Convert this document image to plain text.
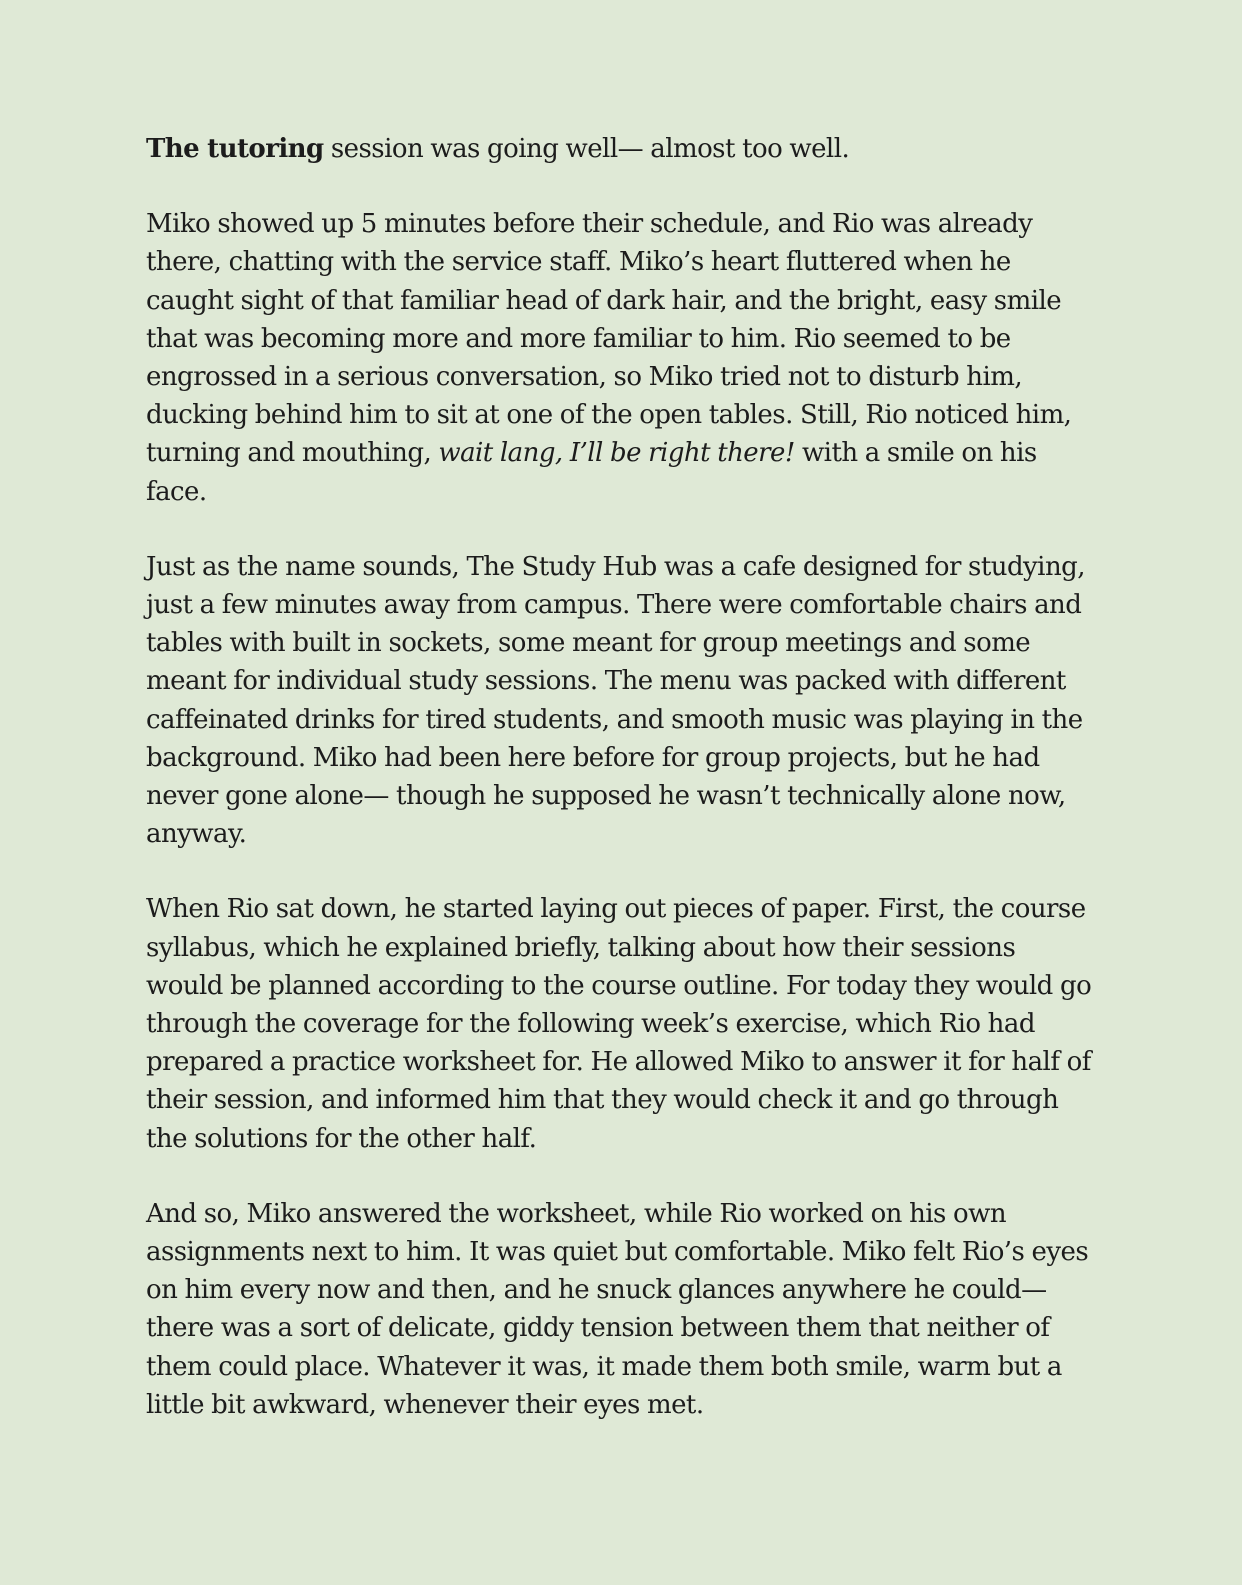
The tutoring session was going well— almost too well.

Miko showed up 5 minutes before their schedule, and Rio was already there, chatting with the service staff. Miko’s heart fluttered when he caught sight of that familiar head of dark hair, and the bright, easy smile that was becoming more and more familiar to him. Rio seemed to be engrossed in a serious conversation, so Miko tried not to disturb him, ducking behind him to sit at one of the open tables. Still, Rio noticed him, turning and mouthing, wait lang, I’ll be right there! with a smile on his face.

Just as the name sounds, The Study Hub was a cafe designed for studying, just a few minutes away from campus. There were comfortable chairs and tables with built in sockets, some meant for group meetings and some meant for individual study sessions. The menu was packed with different caffeinated drinks for tired students, and smooth music was playing in the background. Miko had been here before for group projects, but he had never gone alone— though he supposed he wasn’t technically alone now, anyway.

When Rio sat down, he started laying out pieces of paper. First, the course syllabus, which he explained briefly, talking about how their sessions would be planned according to the course outline. For today they would go through the coverage for the following week’s exercise, which Rio had prepared a practice worksheet for. He allowed Miko to answer it for half of their session, and informed him that they would check it and go through the solutions for the other half.

And so, Miko answered the worksheet, while Rio worked on his own assignments next to him. It was quiet but comfortable. Miko felt Rio’s eyes on him every now and then, and he snuck glances anywhere he could— there was a sort of delicate, giddy tension between them that neither of them could place. Whatever it was, it made them both smile, warm but a little bit awkward, whenever their eyes met.
